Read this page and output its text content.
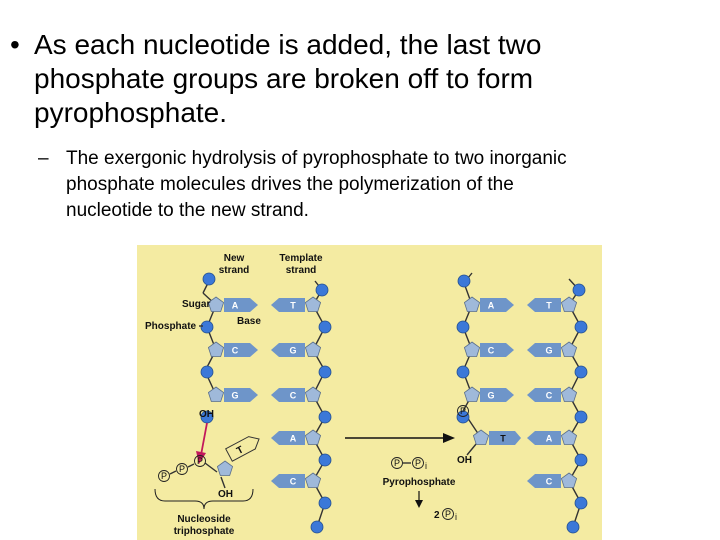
• As each nucleotide is added, the last two
phosphate groups are broken off to form
pyrophosphate.
– The exergonic hydrolysis of pyrophosphate to two inorganic
phosphate molecules drives the polymerization of the
nucleotide to the new strand.
A	T
C	G
G	C
A
C
T
P
P
P
P P i
P i
A	T
C	G
G	C
T	A
P
C
New
strand
Template
strand
Sugar
Phosphate	Base
OH
OH
OH
Nucleoside
triphosphate
Pyrophosphate
2
